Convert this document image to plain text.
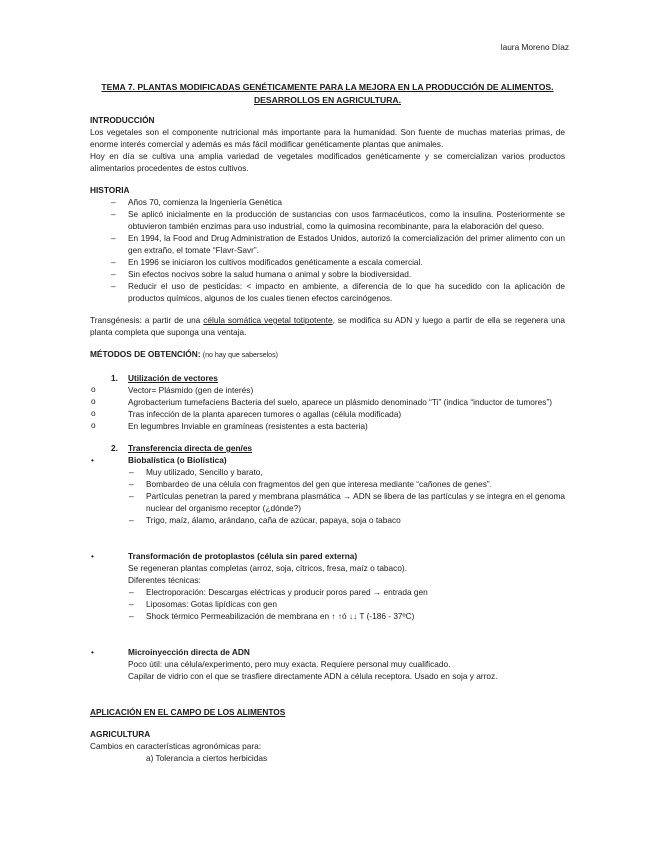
laura Moreno Díaz
TEMA 7. PLANTAS MODIFICADAS GENÉTICAMENTE PARA LA MEJORA EN LA PRODUCCIÓN DE ALIMENTOS. DESARROLLOS EN AGRICULTURA.
INTRODUCCIÓN
Los vegetales son el componente nutricional más importante para la humanidad. Son fuente de muchas materias primas, de enorme interés comercial y además es más fácil modificar genéticamente plantas que animales.
Hoy en día se cultiva una amplia variedad de vegetales modificados genéticamente y se comercializan varios productos alimentarios procedentes de estos cultivos.
HISTORIA
– Años 70, comienza la Ingeniería Genética
– Se aplicó inicialmente en la producción de sustancias con usos farmacéuticos, como la insulina. Posteriormente se obtuvieron también enzimas para uso industrial, como la quimosina recombinante, para la elaboración del queso.
– En 1994, la Food and Drug Administration de Estados Unidos, autorizó la comercialización del primer alimento con un gen extraño, el tomate “Flavr-Savr”.
– En 1996 se iniciaron los cultivos modificados genéticamente a escala comercial.
– Sin efectos nocivos sobre la salud humana o animal y sobre la biodiversidad.
– Reducir el uso de pesticidas: < impacto en ambiente, a diferencia de lo que ha sucedido con la aplicación de productos químicos, algunos de los cuales tienen efectos carcinógenos.
Transgénesis: a partir de una célula somática vegetal totipotente, se modifica su ADN y luego a partir de ella se regenera una planta completa que suponga una ventaja.
MÉTODOS DE OBTENCIÓN: (no hay que saberselos)
1. Utilización de vectores
o Vector= Plásmido (gen de interés)
o Agrobacterium tumefaciens Bacteria del suelo, aparece un plásmido denominado “Ti” (indica “inductor de tumores”)
o Tras infección de la planta aparecen tumores o agallas (célula modificada)
o En legumbres Inviable en gramíneas (resistentes a esta bacteria)
2. Transferencia directa de gen/es
•	Biobalística (o Biolística)
– Muy utilizado, Sencillo y barato,
– Bombardeo de una célula con fragmentos del gen que interesa mediante “cañones de genes”.
– Partículas penetran la pared y membrana plasmática → ADN se libera de las partículas y se integra en el genoma nuclear del organismo receptor (¿dónde?)
– Trigo, maíz, álamo, arándano, caña de azúcar, papaya, soja o tabaco
•	Transformación de protoplastos (célula sin pared externa)
Se regeneran plantas completas (arroz, soja, cítricos, fresa, maíz o tabaco).
Diferentes técnicas:
– Electroporación: Descargas eléctricas y producir poros pared → entrada gen
– Liposomas: Gotas lipídicas con gen
– Shock térmico Permeabilización de membrana en ↑ ↑ó ↓↓ T (-186 - 37ºC)
•	Microinyección directa de ADN
Poco útil: una célula/experimento, pero muy exacta. Requiere personal muy cualificado.
Capilar de vidrio con el que se trasfiere directamente ADN a célula receptora. Usado en soja y arroz.
APLICACIÓN EN EL CAMPO DE LOS ALIMENTOS
AGRICULTURA
Cambios en características agronómicas para:
a) Tolerancia a ciertos herbicidas
